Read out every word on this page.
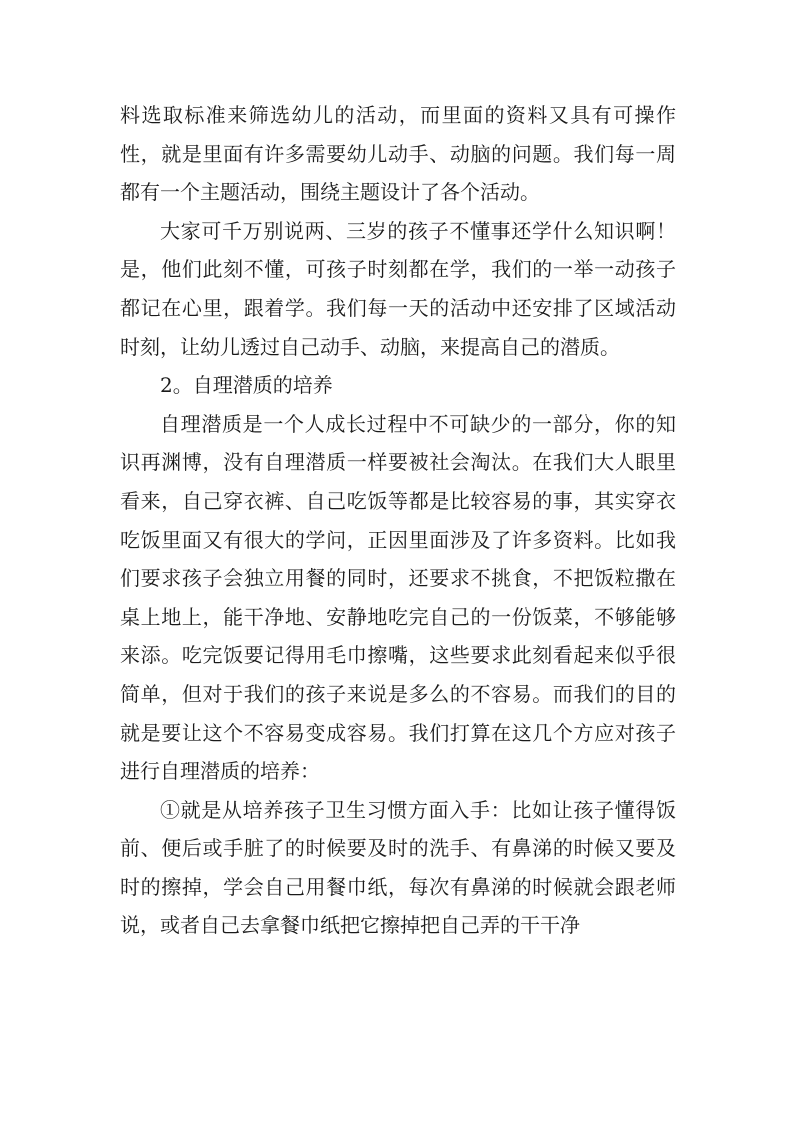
料选取标准来筛选幼儿的活动，而里面的资料又具有可操作性，就是里面有许多需要幼儿动手、动脑的问题。我们每一周都有一个主题活动，围绕主题设计了各个活动。

大家可千万别说两、三岁的孩子不懂事还学什么知识啊！是，他们此刻不懂，可孩子时刻都在学，我们的一举一动孩子都记在心里，跟着学。我们每一天的活动中还安排了区域活动时刻，让幼儿透过自己动手、动脑，来提高自己的潜质。

2。自理潜质的培养

自理潜质是一个人成长过程中不可缺少的一部分，你的知识再渊博，没有自理潜质一样要被社会淘汰。在我们大人眼里看来，自己穿衣裤、自己吃饭等都是比较容易的事，其实穿衣吃饭里面又有很大的学问，正因里面涉及了许多资料。比如我们要求孩子会独立用餐的同时，还要求不挑食，不把饭粒撒在桌上地上，能干净地、安静地吃完自己的一份饭菜，不够能够来添。吃完饭要记得用毛巾擦嘴，这些要求此刻看起来似乎很简单，但对于我们的孩子来说是多么的不容易。而我们的目的就是要让这个不容易变成容易。我们打算在这几个方应对孩子进行自理潜质的培养：

①就是从培养孩子卫生习惯方面入手：比如让孩子懂得饭前、便后或手脏了的时候要及时的洗手、有鼻涕的时候又要及时的擦掉，学会自己用餐巾纸，每次有鼻涕的时候就会跟老师说，或者自己去拿餐巾纸把它擦掉把自己弄的干干净
